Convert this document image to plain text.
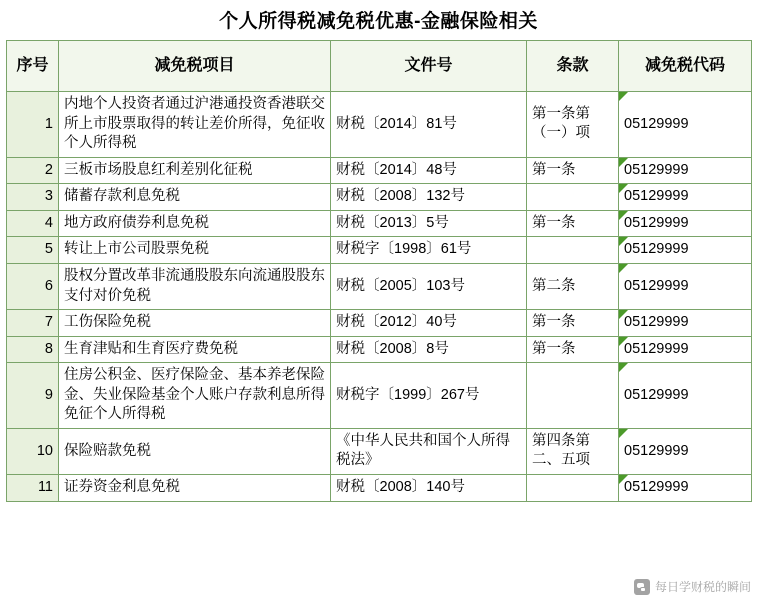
个人所得税减免税优惠-金融保险相关
序号	减免税项目	文件号	条款	减免税代码
1	内地个人投资者通过沪港通投资香港联交所上市股票取得的转让差价所得，免征收个人所得税	财税〔2014〕81号	第一条第（一）项	05129999
2	三板市场股息红利差别化征税	财税〔2014〕48号	第一条	05129999
3	储蓄存款利息免税	财税〔2008〕132号		05129999
4	地方政府债券利息免税	财税〔2013〕5号	第一条	05129999
5	转让上市公司股票免税	财税字〔1998〕61号		05129999
6	股权分置改革非流通股股东向流通股股东支付对价免税	财税〔2005〕103号	第二条	05129999
7	工伤保险免税	财税〔2012〕40号	第一条	05129999
8	生育津贴和生育医疗费免税	财税〔2008〕8号	第一条	05129999
9	住房公积金、医疗保险金、基本养老保险金、失业保险基金个人账户存款利息所得免征个人所得税	财税字〔1999〕267号		05129999
10	保险赔款免税	《中华人民共和国个人所得税法》	第四条第二、五项	05129999
11	证券资金利息免税	财税〔2008〕140号		05129999
每日学财税的瞬间
